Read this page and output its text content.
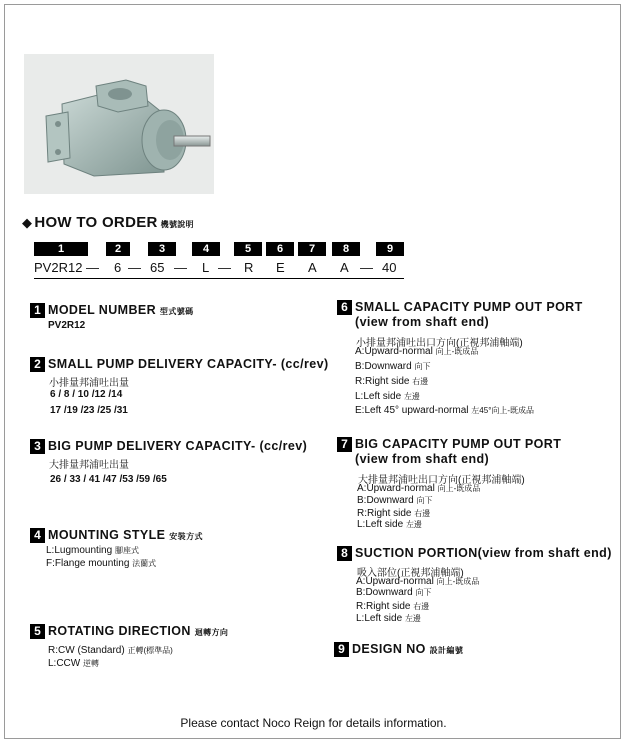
◆ HOW TO ORDER 機號說明
1	2	3	4	5	6	7	8	9
PV2R12 — 6 — 65 — L — R E A A — 40
1 MODEL NUMBER 型式號碼
PV2R12
2 SMALL PUMP DELIVERY CAPACITY- (cc/rev)
小排量邦浦吐出量
6 / 8 / 10 /12 /14
17 /19 /23 /25 /31
3 BIG PUMP DELIVERY CAPACITY- (cc/rev)
大排量邦浦吐出量
26 / 33 / 41 /47 /53 /59 /65
4 MOUNTING STYLE 安裝方式
L:Lugmounting 腳座式
F:Flange mounting 法蘭式
5 ROTATING DIRECTION 迴轉方向
R:CW (Standard) 正轉(標準品)
L:CCW 逆轉
6 SMALL CAPACITY PUMP OUT PORT
(view from shaft end)
小排量邦浦吐出口方向(正視邦浦軸端)
A:Upward-normal 向上-既成品
B:Downward 向下
R:Right side 右邊
L:Left side 左邊
E:Left 45° upward-normal 左45°向上-既成品
7 BIG CAPACITY PUMP OUT PORT
(view from shaft end)
大排量邦浦吐出口方向(正視邦浦軸端)
A:Upward-normal 向上-既成品
B:Downward 向下
R:Right side 右邊
L:Left side 左邊
8 SUCTION PORTION(view from shaft end)
吸入部位(正視邦浦軸端)
A:Upward-normal 向上-既成品
B:Downward 向下
R:Right side 右邊
L:Left side 左邊
9 DESIGN NO 設計編號
Please contact Noco Reign for details information.
